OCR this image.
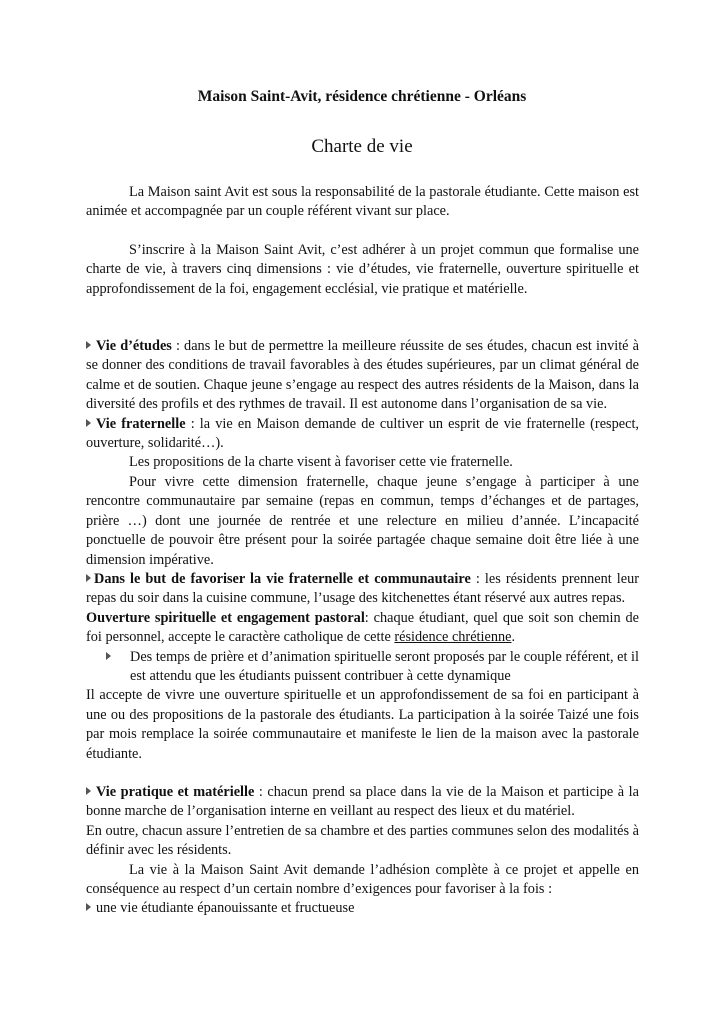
Maison Saint-Avit, résidence chrétienne - Orléans
Charte de vie

La Maison saint Avit est sous la responsabilité de la pastorale étudiante. Cette maison est animée et accompagnée par un couple référent vivant sur place.

S’inscrire à la Maison Saint Avit, c’est adhérer à un projet commun que formalise une charte de vie, à travers cinq dimensions : vie d’études, vie fraternelle, ouverture spirituelle et approfondissement de la foi, engagement ecclésial, vie pratique et matérielle.

Vie d’études : dans le but de permettre la meilleure réussite de ses études, chacun est invité à se donner des conditions de travail favorables à des études supérieures, par un climat général de calme et de soutien. Chaque jeune s’engage au respect des autres résidents de la Maison, dans la diversité des profils et des rythmes de travail. Il est autonome dans l’organisation de sa vie.

Vie fraternelle : la vie en Maison demande de cultiver un esprit de vie fraternelle (respect, ouverture, solidarité…).

Les propositions de la charte visent à favoriser cette vie fraternelle.

Pour vivre cette dimension fraternelle, chaque jeune s’engage à participer à une rencontre communautaire par semaine (repas en commun, temps d’échanges et de partages, prière …) dont une journée de rentrée et une relecture en milieu d’année. L’incapacité ponctuelle de pouvoir être présent pour la soirée partagée chaque semaine doit être liée à une dimension impérative.

Dans le but de favoriser la vie fraternelle et communautaire : les résidents prennent leur repas du soir dans la cuisine commune, l’usage des kitchenettes étant réservé aux autres repas.

Ouverture spirituelle et engagement pastoral: chaque étudiant, quel que soit son chemin de foi personnel, accepte le caractère catholique de cette résidence chrétienne.

Des temps de prière et d’animation spirituelle seront proposés par le couple référent, et il est attendu que les étudiants puissent contribuer à cette dynamique

Il accepte de vivre une ouverture spirituelle et un approfondissement de sa foi en participant à une ou des propositions de la pastorale des étudiants. La participation à la soirée Taizé une fois par mois remplace la soirée communautaire et manifeste le lien de la maison avec la pastorale étudiante.

Vie pratique et matérielle : chacun prend sa place dans la vie de la Maison et participe à la bonne marche de l’organisation interne en veillant au respect des lieux et du matériel.

En outre, chacun assure l’entretien de sa chambre et des parties communes selon des modalités à définir avec les résidents.

La vie à la Maison Saint Avit demande l’adhésion complète à ce projet et appelle en conséquence au respect d’un certain nombre d’exigences pour favoriser à la fois :

une vie étudiante épanouissante et fructueuse
